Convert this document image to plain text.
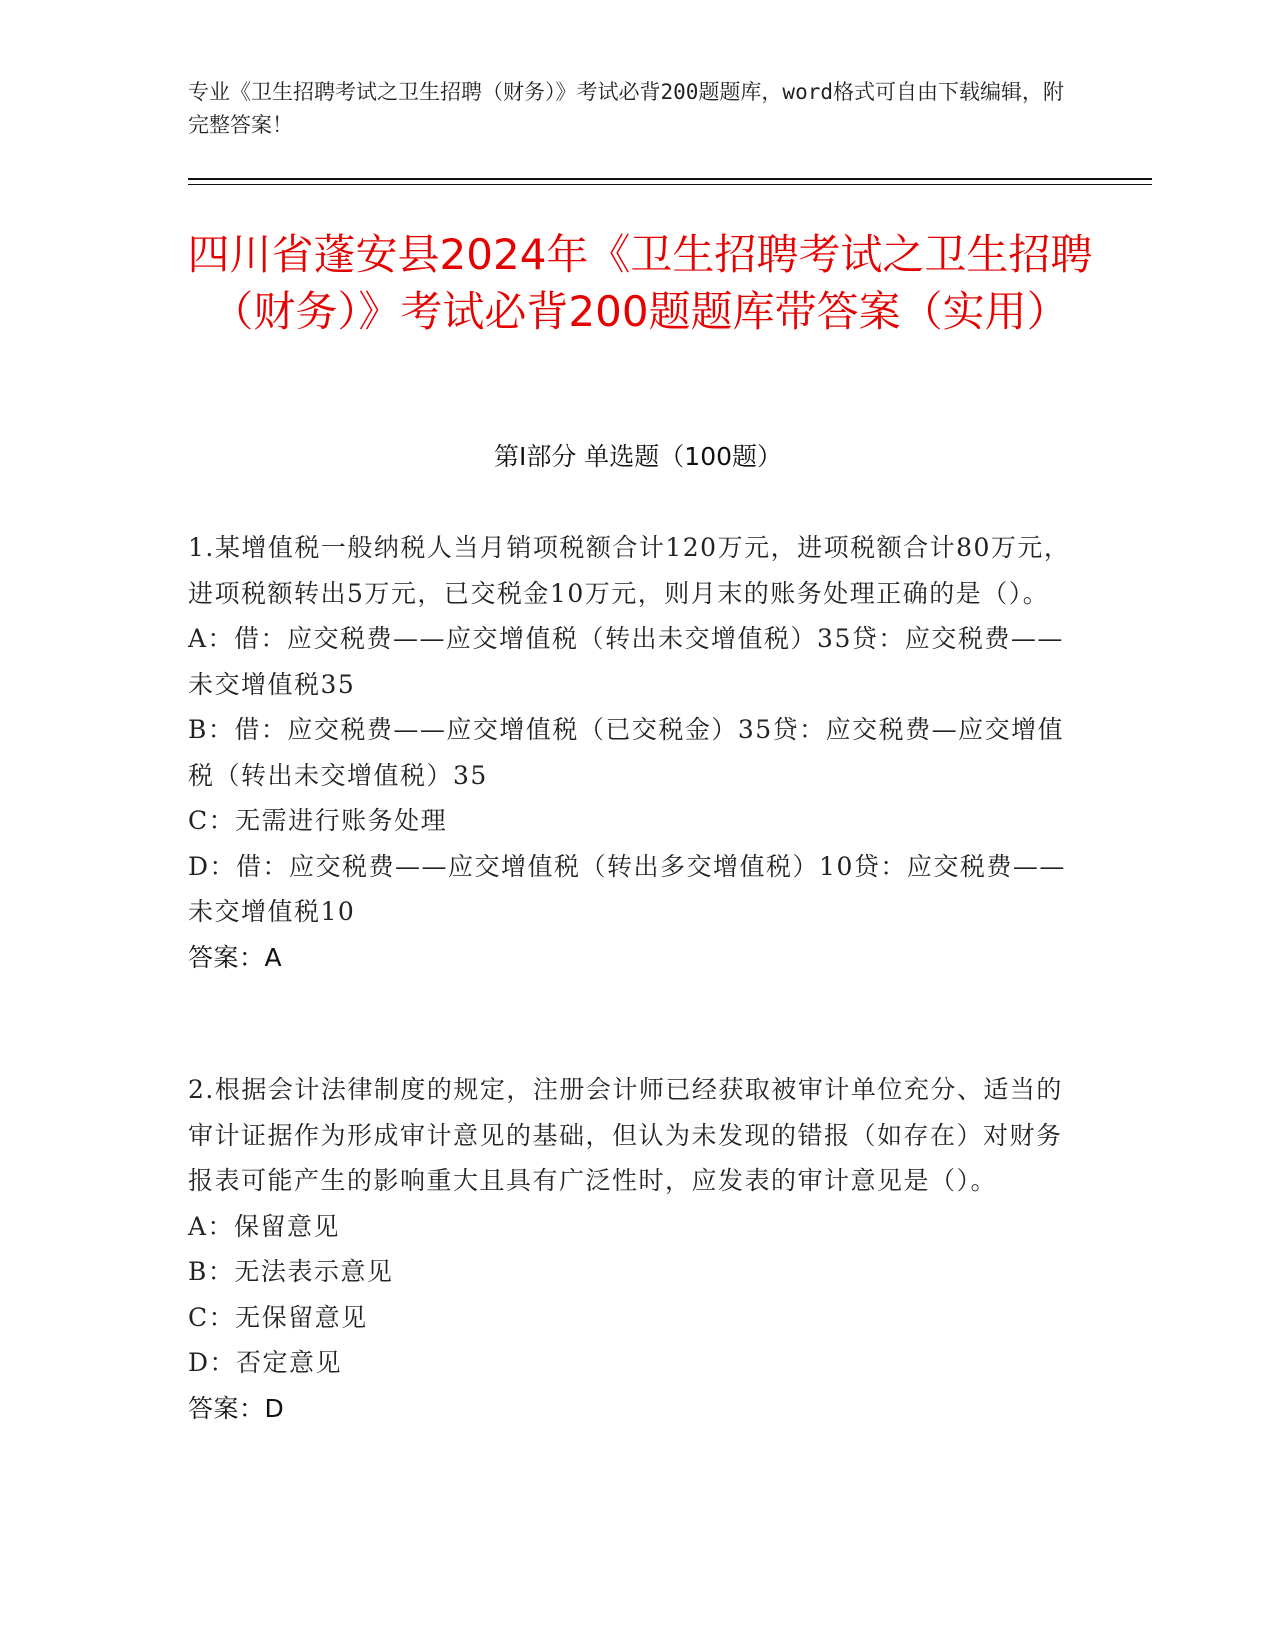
专业《卫生招聘考试之卫生招聘（财务）》考试必背200题题库，word格式可自由下载编辑，附完整答案！
四川省蓬安县2024年《卫生招聘考试之卫生招聘（财务）》考试必背200题题库带答案（实用）
第I部分 单选题（100题）

1.某增值税一般纳税人当月销项税额合计120万元，进项税额合计80万元，进项税额转出5万元，已交税金10万元，则月末的账务处理正确的是（）。

A：借：应交税费——应交增值税（转出未交增值税）35贷：应交税费——未交增值税35

B：借：应交税费——应交增值税（已交税金）35贷：应交税费—应交增值税（转出未交增值税）35

C：无需进行账务处理

D：借：应交税费——应交增值税（转出多交增值税）10贷：应交税费——未交增值税10

答案：A

2.根据会计法律制度的规定，注册会计师已经获取被审计单位充分、适当的审计证据作为形成审计意见的基础，但认为未发现的错报（如存在）对财务报表可能产生的影响重大且具有广泛性时，应发表的审计意见是（）。

A：保留意见

B：无法表示意见

C：无保留意见

D：否定意见

答案：D
